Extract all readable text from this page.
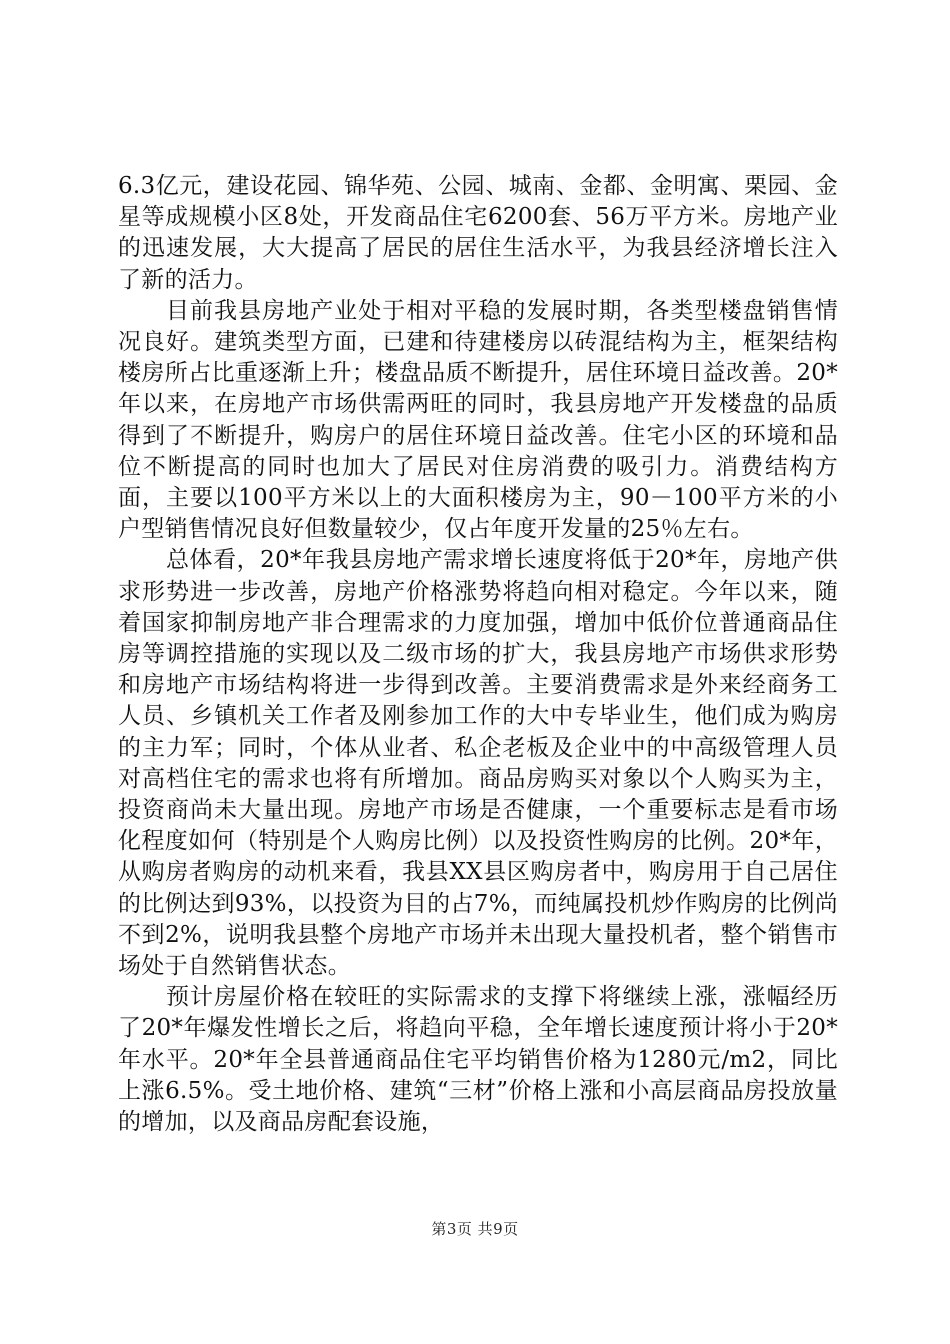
6.3亿元，建设花园、锦华苑、公园、城南、金都、金明寓、栗园、金星等成规模小区8处，开发商品住宅6200套、56万平方米。房地产业的迅速发展，大大提高了居民的居住生活水平，为我县经济增长注入了新的活力。

目前我县房地产业处于相对平稳的发展时期，各类型楼盘销售情况良好。建筑类型方面，已建和待建楼房以砖混结构为主，框架结构楼房所占比重逐渐上升；楼盘品质不断提升，居住环境日益改善。20*年以来，在房地产市场供需两旺的同时，我县房地产开发楼盘的品质得到了不断提升，购房户的居住环境日益改善。住宅小区的环境和品位不断提高的同时也加大了居民对住房消费的吸引力。消费结构方面，主要以100平方米以上的大面积楼房为主，90－100平方米的小户型销售情况良好但数量较少，仅占年度开发量的25％左右。

总体看，20*年我县房地产需求增长速度将低于20*年，房地产供求形势进一步改善，房地产价格涨势将趋向相对稳定。今年以来，随着国家抑制房地产非合理需求的力度加强，增加中低价位普通商品住房等调控措施的实现以及二级市场的扩大，我县房地产市场供求形势和房地产市场结构将进一步得到改善。主要消费需求是外来经商务工人员、乡镇机关工作者及刚参加工作的大中专毕业生，他们成为购房的主力军；同时，个体从业者、私企老板及企业中的中高级管理人员对高档住宅的需求也将有所增加。商品房购买对象以个人购买为主，投资商尚未大量出现。房地产市场是否健康，一个重要标志是看市场化程度如何（特别是个人购房比例）以及投资性购房的比例。20*年，从购房者购房的动机来看，我县XX县区购房者中，购房用于自己居住的比例达到93%，以投资为目的占7%，而纯属投机炒作购房的比例尚不到2%，说明我县整个房地产市场并未出现大量投机者，整个销售市场处于自然销售状态。

预计房屋价格在较旺的实际需求的支撑下将继续上涨，涨幅经历了20*年爆发性增长之后，将趋向平稳，全年增长速度预计将小于20*年水平。20*年全县普通商品住宅平均销售价格为1280元/m2，同比上涨6.5%。受土地价格、建筑“三材”价格上涨和小高层商品房投放量的增加，以及商品房配套设施，

第3页 共9页
